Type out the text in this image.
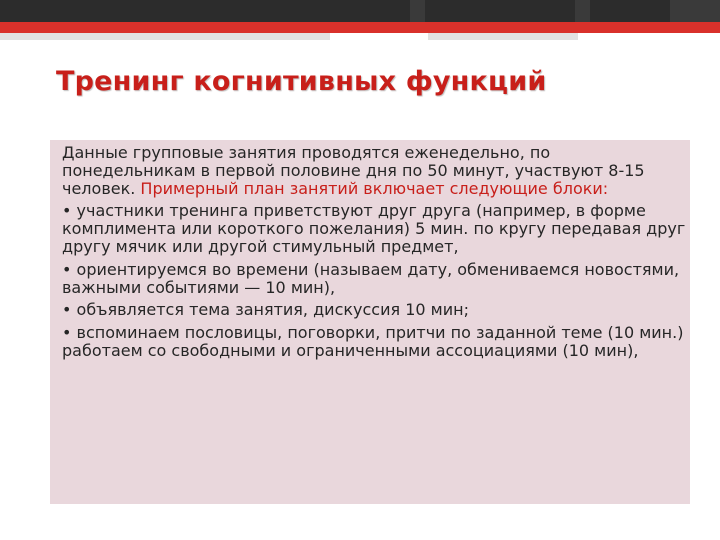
Тренинг когнитивных функций

Данные групповые занятия проводятся еженедельно, по понедельникам в первой половине дня по 50 минут, участвуют 8-15 человек. Примерный план занятий включает следующие блоки:

• участники тренинга приветствуют друг друга (например, в форме комплимента или короткого пожелания) 5 мин. по кругу передавая друг другу мячик или другой стимульный предмет,

• ориентируемся во времени (называем дату, обмениваемся новостями, важными событиями — 10 мин),

• объявляется тема занятия, дискуссия 10 мин;

• вспоминаем пословицы, поговорки, притчи по заданной теме (10 мин.) работаем со свободными и ограниченными ассоциациями (10 мин),
